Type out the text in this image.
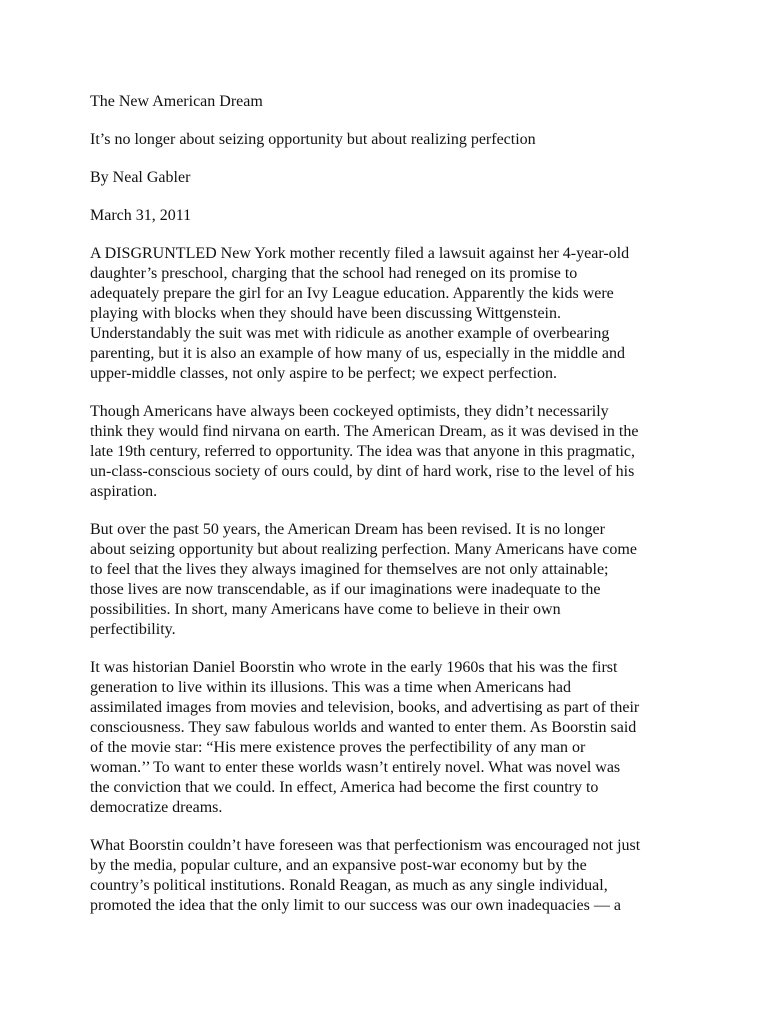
The New American Dream

It’s no longer about seizing opportunity but about realizing perfection

By Neal Gabler

March 31, 2011

A DISGRUNTLED New York mother recently filed a lawsuit against her 4-year-old
daughter’s preschool, charging that the school had reneged on its promise to
adequately prepare the girl for an Ivy League education. Apparently the kids were
playing with blocks when they should have been discussing Wittgenstein.
Understandably the suit was met with ridicule as another example of overbearing
parenting, but it is also an example of how many of us, especially in the middle and
upper-middle classes, not only aspire to be perfect; we expect perfection.

Though Americans have always been cockeyed optimists, they didn’t necessarily
think they would find nirvana on earth. The American Dream, as it was devised in the
late 19th century, referred to opportunity. The idea was that anyone in this pragmatic,
un-class-conscious society of ours could, by dint of hard work, rise to the level of his
aspiration.

But over the past 50 years, the American Dream has been revised. It is no longer
about seizing opportunity but about realizing perfection. Many Americans have come
to feel that the lives they always imagined for themselves are not only attainable;
those lives are now transcendable, as if our imaginations were inadequate to the
possibilities. In short, many Americans have come to believe in their own
perfectibility.

It was historian Daniel Boorstin who wrote in the early 1960s that his was the first
generation to live within its illusions. This was a time when Americans had
assimilated images from movies and television, books, and advertising as part of their
consciousness. They saw fabulous worlds and wanted to enter them. As Boorstin said
of the movie star: “His mere existence proves the perfectibility of any man or
woman.’’ To want to enter these worlds wasn’t entirely novel. What was novel was
the conviction that we could. In effect, America had become the first country to
democratize dreams.

What Boorstin couldn’t have foreseen was that perfectionism was encouraged not just
by the media, popular culture, and an expansive post-war economy but by the
country’s political institutions. Ronald Reagan, as much as any single individual,
promoted the idea that the only limit to our success was our own inadequacies — a
